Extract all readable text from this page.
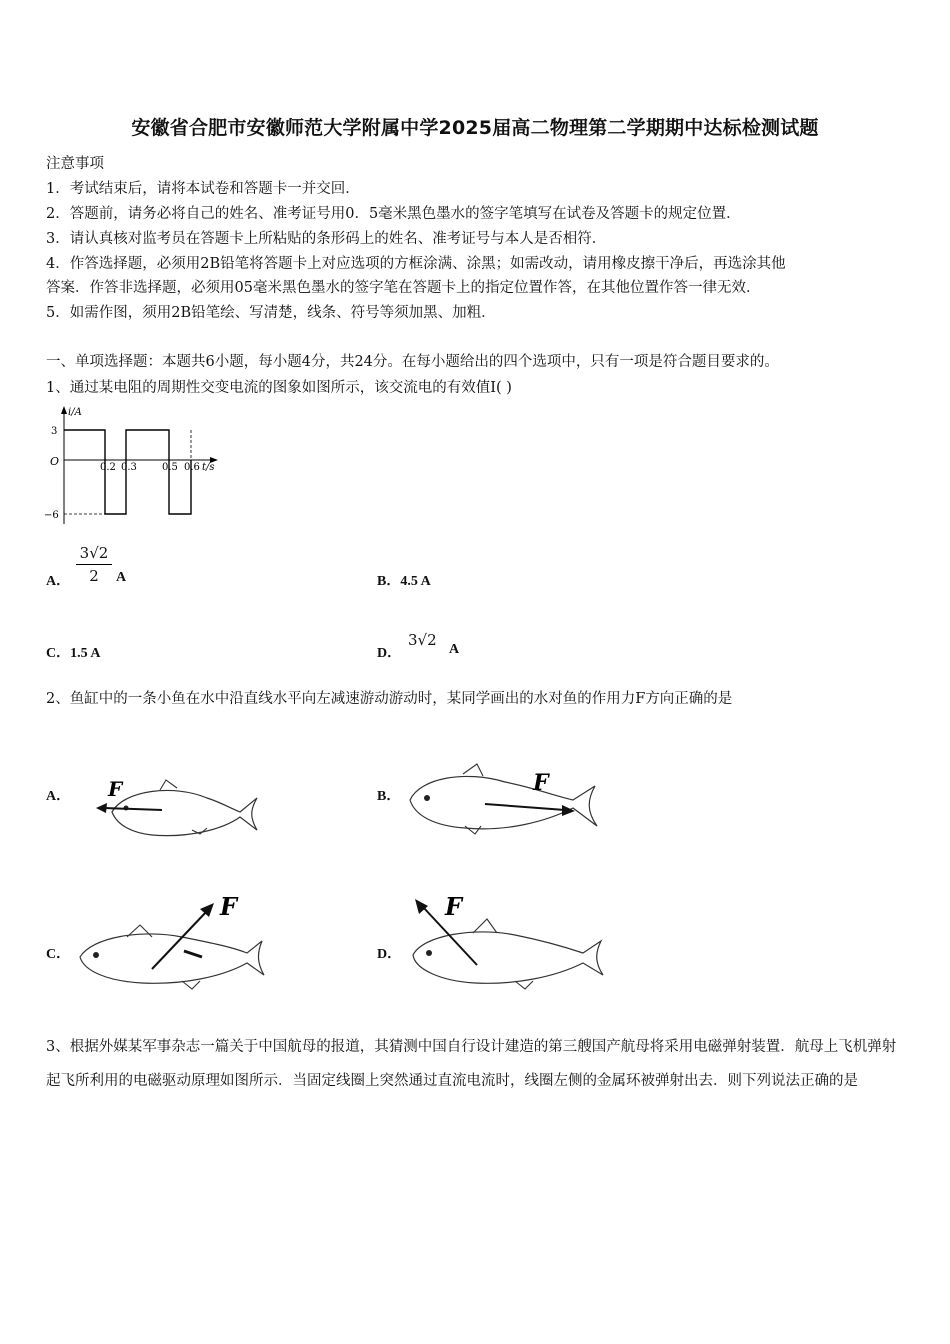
安徽省合肥市安徽师范大学附属中学2025届高二物理第二学期期中达标检测试题
注意事项
1．考试结束后，请将本试卷和答题卡一并交回．
2．答题前，请务必将自己的姓名、准考证号用0．5毫米黑色墨水的签字笔填写在试卷及答题卡的规定位置．
3．请认真核对监考员在答题卡上所粘贴的条形码上的姓名、准考证号与本人是否相符．
4．作答选择题，必须用2B铅笔将答题卡上对应选项的方框涂满、涂黑；如需改动，请用橡皮擦干净后，再选涂其他
答案．作答非选择题，必须用05毫米黑色墨水的签字笔在答题卡上的指定位置作答，在其他位置作答一律无效．
5．如需作图，须用2B铅笔绘、写清楚，线条、符号等须加黑、加粗．
一、单项选择题：本题共6小题，每小题4分，共24分。在每小题给出的四个选项中，只有一项是符合题目要求的。
1、通过某电阻的周期性交变电流的图象如图所示，该交流电的有效值I( )
i/A
t/s
O
3
−6
0.2 0.3	0.5 0.6
A． $\frac{3√2}{2}$ A	B．4.5 A
C．1.5 A	D．
3√2
A
2、鱼缸中的一条小鱼在水中沿直线水平向左减速游动游动时，某同学画出的水对鱼的作用力F方向正确的是
A．	B．
C．	D．
F	F
F	F
3、根据外媒某军事杂志一篇关于中国航母的报道，其猜测中国自行设计建造的第三艘国产航母将采用电磁弹射装置．航母上飞机弹射起飞所利用的电磁驱动原理如图所示．当固定线圈上突然通过直流电流时，线圈左侧的金属环被弹射出去．则下列说法正确的是
